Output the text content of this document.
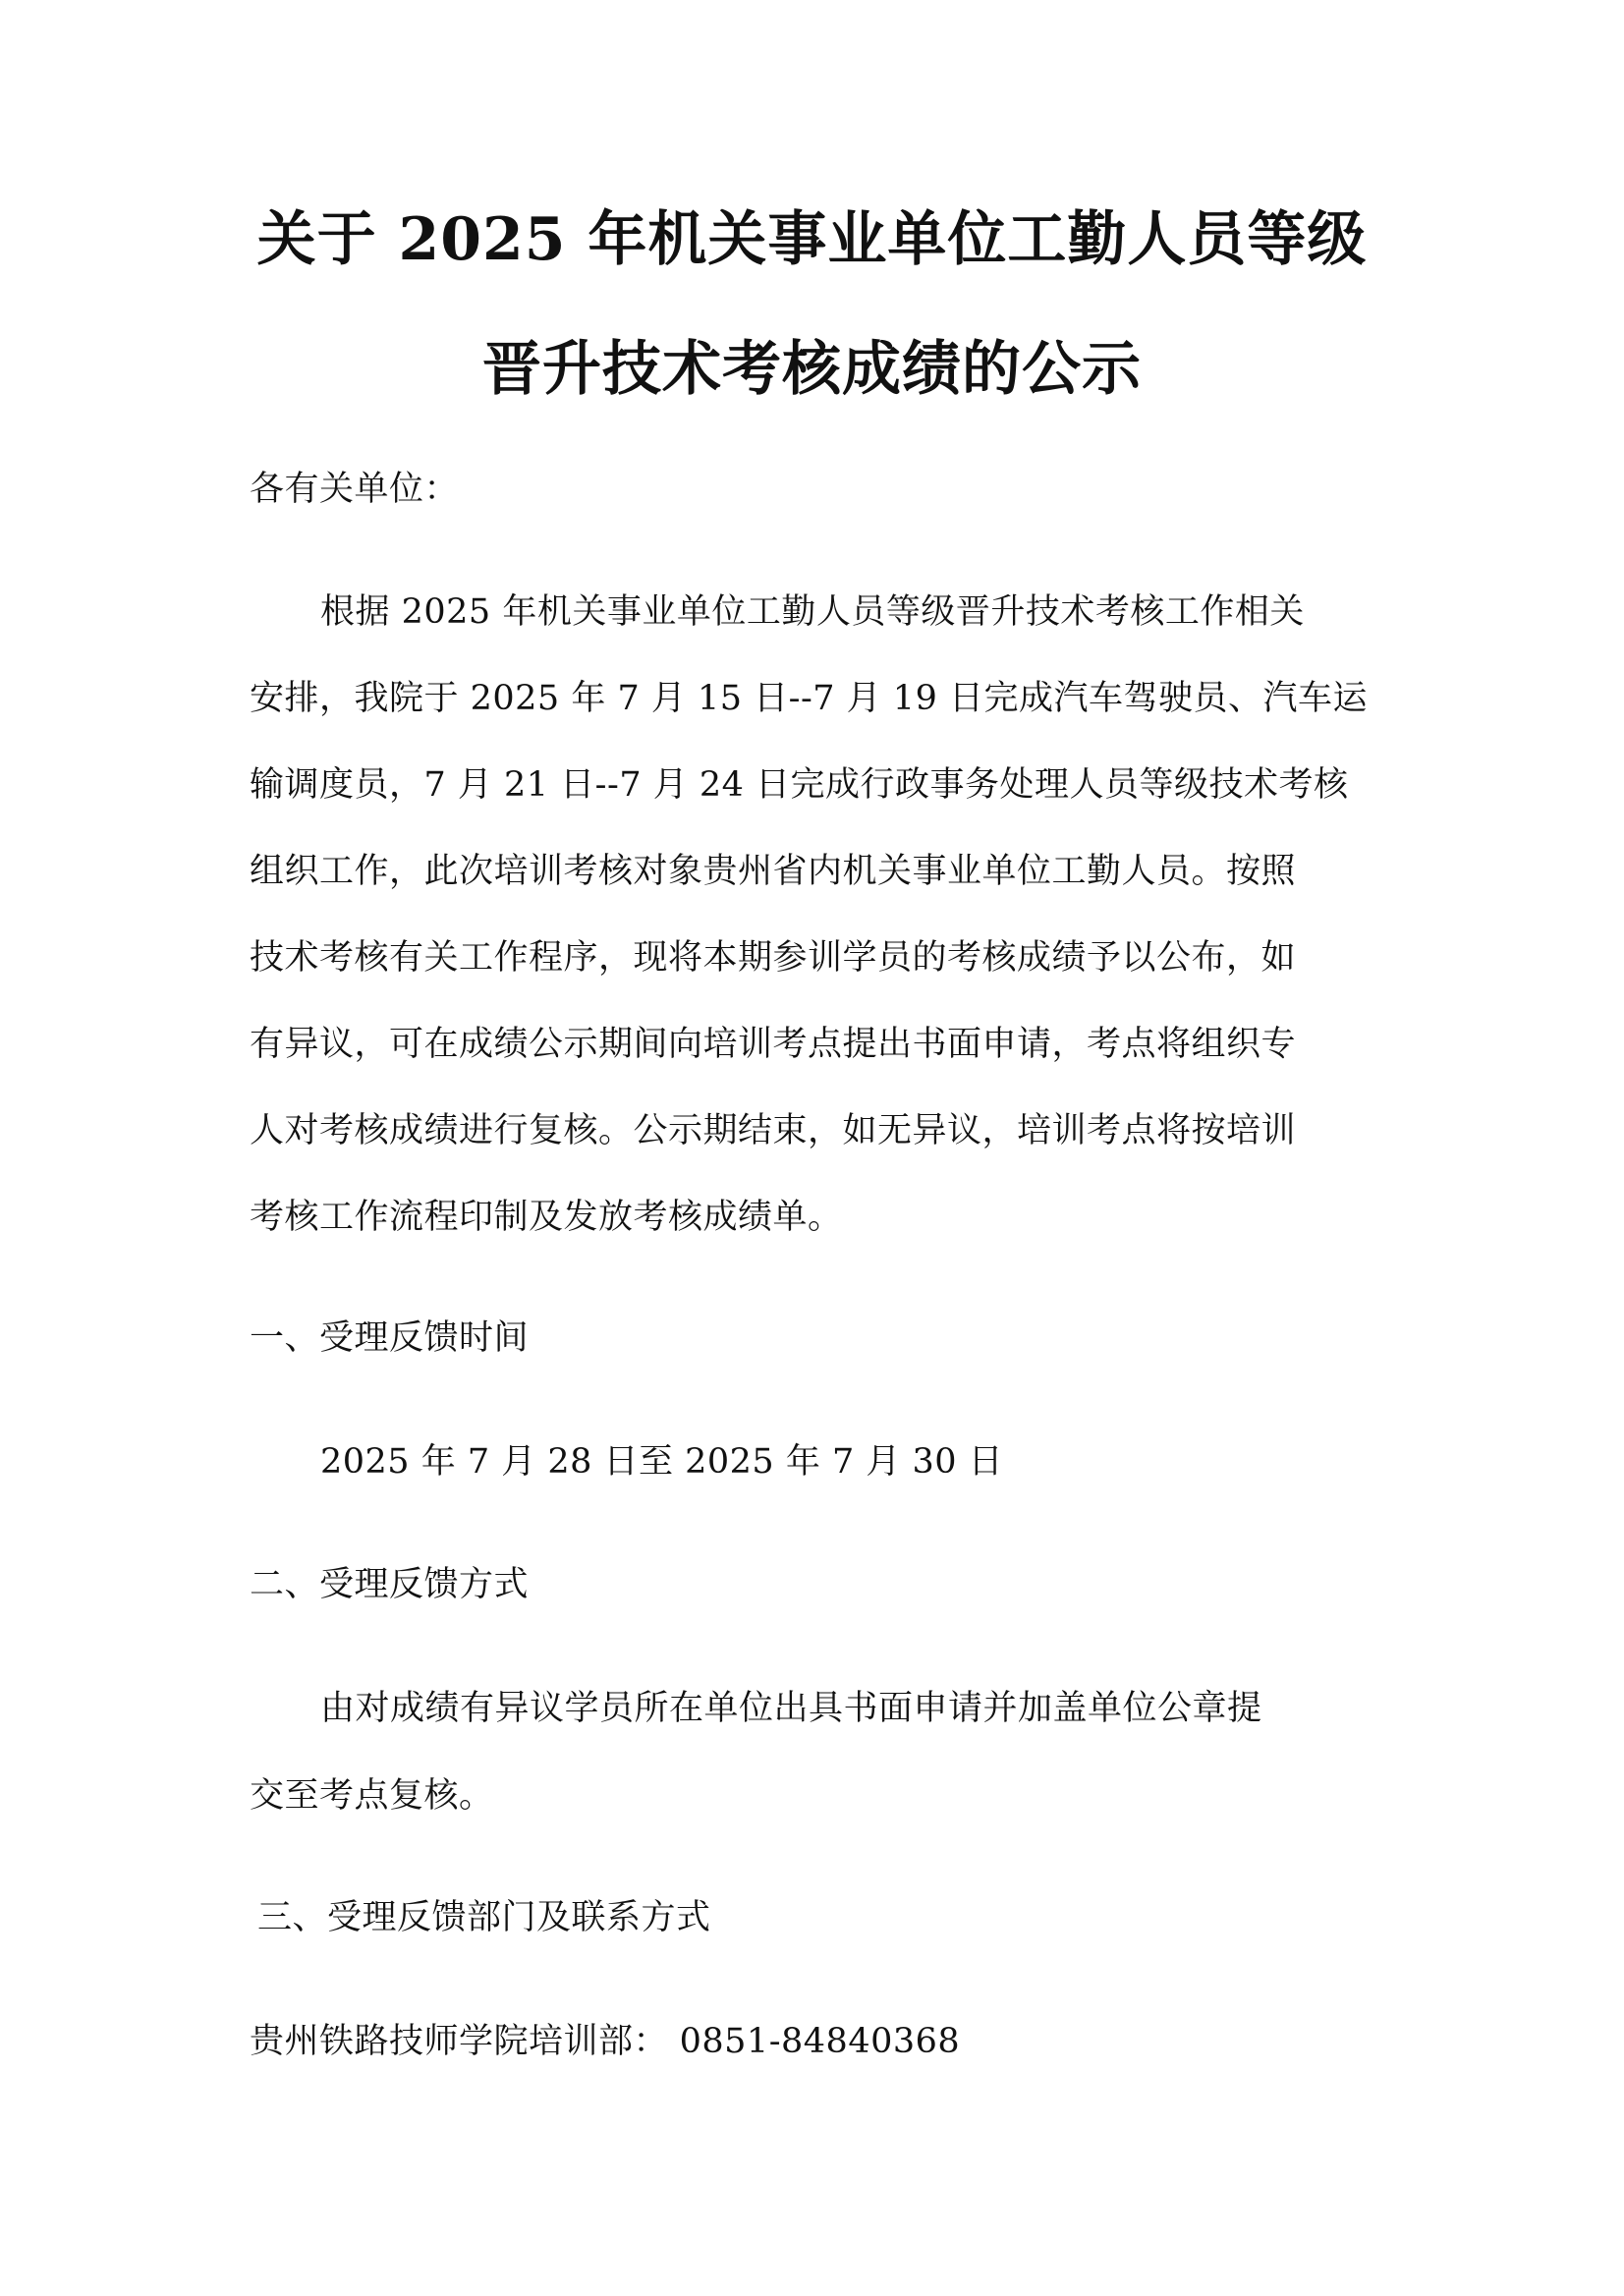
关于 2025 年机关事业单位工勤人员等级
晋升技术考核成绩的公示
各有关单位：
根据 2025 年机关事业单位工勤人员等级晋升技术考核工作相关
安排，我院于 2025 年 7 月 15 日--7 月 19 日完成汽车驾驶员、汽车运
输调度员，7 月 21 日--7 月 24 日完成行政事务处理人员等级技术考核
组织工作，此次培训考核对象贵州省内机关事业单位工勤人员。按照
技术考核有关工作程序，现将本期参训学员的考核成绩予以公布，如
有异议，可在成绩公示期间向培训考点提出书面申请，考点将组织专
人对考核成绩进行复核。公示期结束，如无异议，培训考点将按培训
考核工作流程印制及发放考核成绩单。
一、受理反馈时间
2025 年 7 月 28 日至 2025 年 7 月 30 日
二、受理反馈方式
由对成绩有异议学员所在单位出具书面申请并加盖单位公章提
交至考点复核。
三、受理反馈部门及联系方式
贵州铁路技师学院培训部： 0851-84840368
